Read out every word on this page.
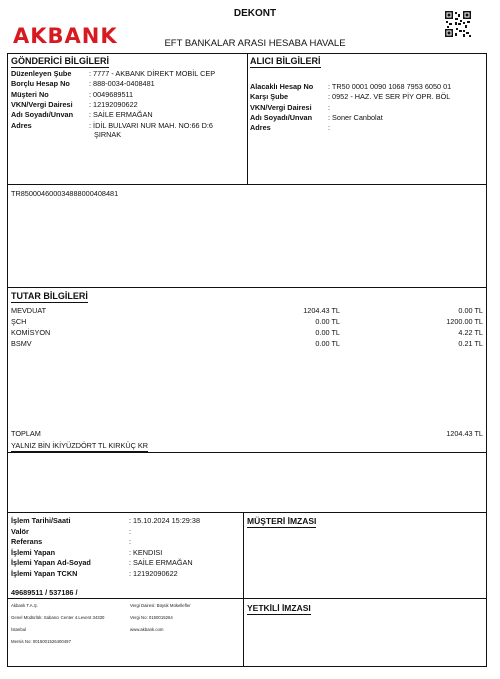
AKBANK
DEKONT
EFT BANKALAR ARASI HESABA HAVALE
GÖNDERİCİ BİLGİLERİ
Düzenleyen Şube : 7777 - AKBANK DİREKT MOBİL CEP
Borçlu Hesap No	: 888-0034-0408481
Müşteri No	: 0049689511
VKN/Vergi Dairesi : 12192090622
Adı Soyadı/Unvan : SAİLE ERMAĞAN
Adres	: İDİL BULVARI NUR MAH. NO:66 D:6
ŞIRNAK
ALICI BİLGİLERİ
Alacaklı Hesap No : TR50 0001 0090 1068 7953 6050 01
Karşı Şube	: 0952 - HAZ. VE SER PİY OPR. BÖL
VKN/Vergi Dairesi :
Adı Soyadı/Unvan : Soner Canbolat
Adres	:
TR850004600034888000408481
TUTAR BİLGİLERİ
MEVDUAT	1204.43 TL	0.00 TL
ŞCH	0.00 TL	1200.00 TL
KOMİSYON	0.00 TL	4.22 TL
BSMV	0.00 TL	0.21 TL
TOPLAM	1204.43 TL
YALNIZ BİN İKİYÜZDÖRT TL KIRKÜÇ KR
İşlem Tarihi/Saati	: 15.10.2024 15:29:38
Valör	:
Referans	:
İşlemi Yapan	: KENDISI
İşlemi Yapan Ad-Soyad	: SAİLE ERMAĞAN
İşlemi Yapan TCKN	: 12192090622
49689511 / 537186 /
MÜŞTERİ İMZASI
YETKİLİ İMZASI
Akbank T.A.Ş.
Genel Müdürlük: Sabancı Center 4.Levent 34330
İstanbul
Mersis No: 0015001526400497
Vergi Dairesi: Büyük Mükellefler
Vergi No: 0150015264
www.akbank.com
